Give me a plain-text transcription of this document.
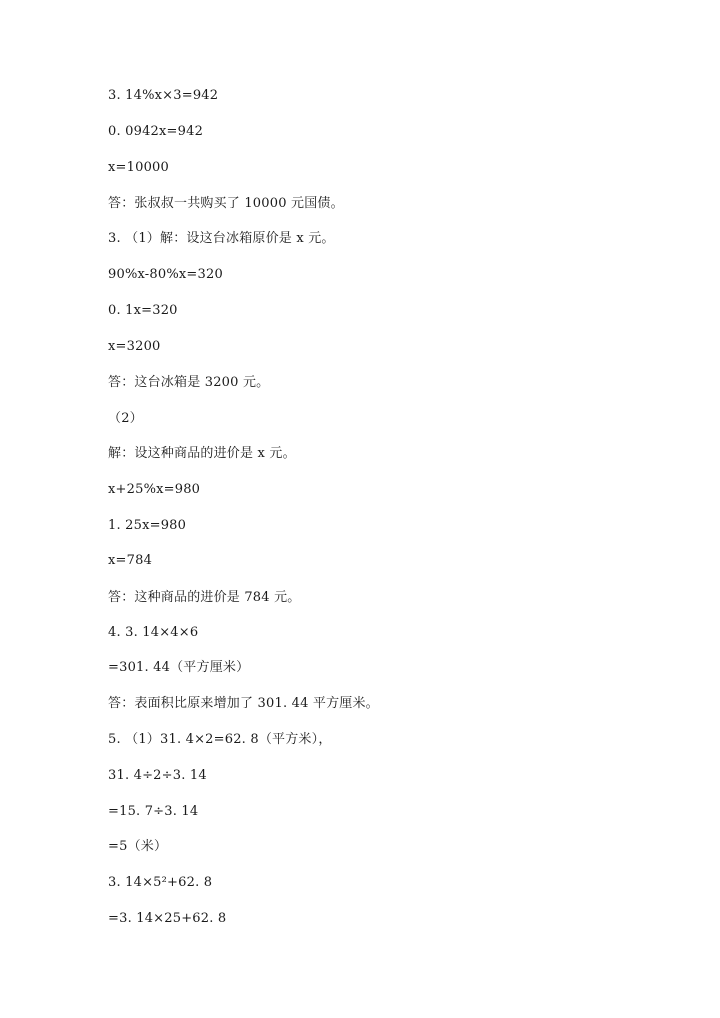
3. 14%x×3=942
0. 0942x=942
x=10000
答：张叔叔一共购买了 10000 元国债。
3. （1）解：设这台冰箱原价是 x 元。
90%x-80%x=320
0. 1x=320
x=3200
答：这台冰箱是 3200 元。
（2）
解：设这种商品的进价是 x 元。
x+25%x=980
1. 25x=980
x=784
答：这种商品的进价是 784 元。
4. 3. 14×4×6
=301. 44（平方厘米）
答：表面积比原来增加了 301. 44 平方厘米。
5. （1）31. 4×2=62. 8（平方米），
31. 4÷2÷3. 14
=15. 7÷3. 14
=5（米）
3. 14×5²+62. 8
=3. 14×25+62. 8
